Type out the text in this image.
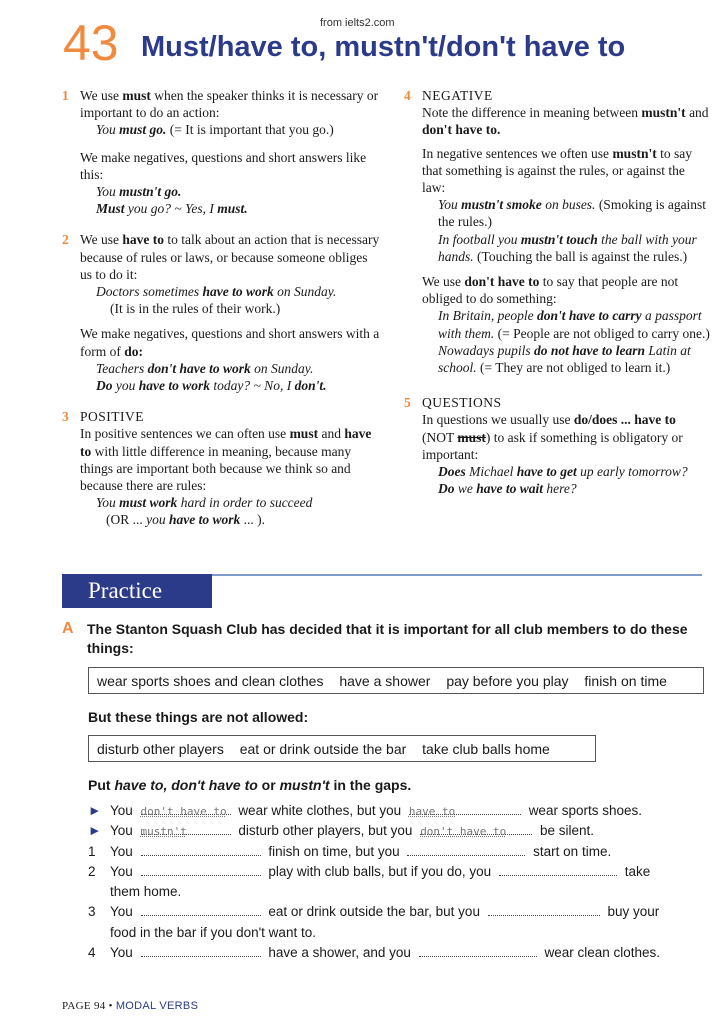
from ielts2.com
43 Must/have to, mustn't/don't have to
1 We use must when the speaker thinks it is necessary or important to do an action:

You must go. (= It is important that you go.)

We make negatives, questions and short answers like this:

You mustn't go.
Must you go? ~ Yes, I must.
2 We use have to to talk about an action that is necessary because of rules or laws, or because someone obliges us to do it:

Doctors sometimes have to work on Sunday.
(It is in the rules of their work.)

We make negatives, questions and short answers with a form of do:

Teachers don't have to work on Sunday.
Do you have to work today? ~ No, I don't.
3 POSITIVE

In positive sentences we can often use must and have to with little difference in meaning, because many things are important both because we think so and because there are rules:

You must work hard in order to succeed
(OR ... you have to work ... ).
4 NEGATIVE

Note the difference in meaning between mustn't and don't have to.

In negative sentences we often use mustn't to say that something is against the rules, or against the law:

You mustn't smoke on buses. (Smoking is against the rules.)
In football you mustn't touch the ball with your hands. (Touching the ball is against the rules.)

We use don't have to to say that people are not obliged to do something:

In Britain, people don't have to carry a passport with them. (= People are not obliged to carry one.)
Nowadays pupils do not have to learn Latin at school. (= They are not obliged to learn it.)
5 QUESTIONS

In questions we usually use do/does ... have to (NOT must) to ask if something is obligatory or important:

Does Michael have to get up early tomorrow?
Do we have to wait here?
Practice
A The Stanton Squash Club has decided that it is important for all club members to do these things:
wear sports shoes and clean clothes have a shower pay before you play finish on time
But these things are not allowed:
disturb other players eat or drink outside the bar take club balls home
Put have to, don't have to or mustn't in the gaps.
► You don't have to wear white clothes, but you have to	wear sports shoes.
► You mustn't	disturb other players, but you don't have to be silent.
1 You	finish on time, but you	start on time.
2 You	play with club balls, but if you do, you	take
them home.
3 You	eat or drink outside the bar, but you	buy your
food in the bar if you don't want to.
4 You	have a shower, and you	wear clean clothes.
PAGE 94 • MODAL VERBS
